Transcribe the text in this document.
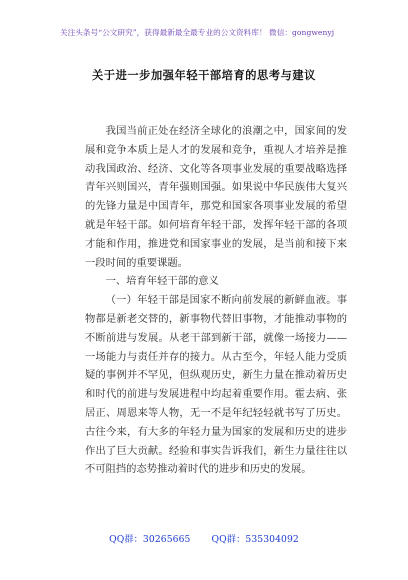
关注头条号“公文研究”，获得最新最全最专业的公文资料库！ 微信：gongwenyj
关于进一步加强年轻干部培育的思考与建议

我国当前正处在经济全球化的浪潮之中，国家间的发展和竞争本质上是人才的发展和竞争，重视人才培养是推动我国政治、经济、文化等各项事业发展的重要战略选择青年兴则国兴，青年强则国强。如果说中华民族伟大复兴的先锋力量是中国青年，那党和国家各项事业发展的希望就是年轻干部。如何培育年轻干部，发挥年轻干部的各项才能和作用，推进党和国家事业的发展，是当前和接下来一段时间的重要课题。

一、培育年轻干部的意义

（一）年轻干部是国家不断向前发展的新鲜血液。事物都是新老交替的，新事物代替旧事物，才能推动事物的不断前进与发展。从老干部到新干部，就像一场接力——一场能力与责任并存的接力。从古至今，年轻人能力受质疑的事例并不罕见，但纵观历史，新生力量在推动着历史和时代的前进与发展进程中均起着重要作用。霍去病、张居正、周恩来等人物，无一不是年纪轻轻就书写了历史。古往今来，有大多的年轻力量为国家的发展和历史的进步作出了巨大贡献。经验和事实告诉我们，新生力量往往以不可阻挡的态势推动着时代的进步和历史的发展。

QQ群：30265665 QQ群：535304092
